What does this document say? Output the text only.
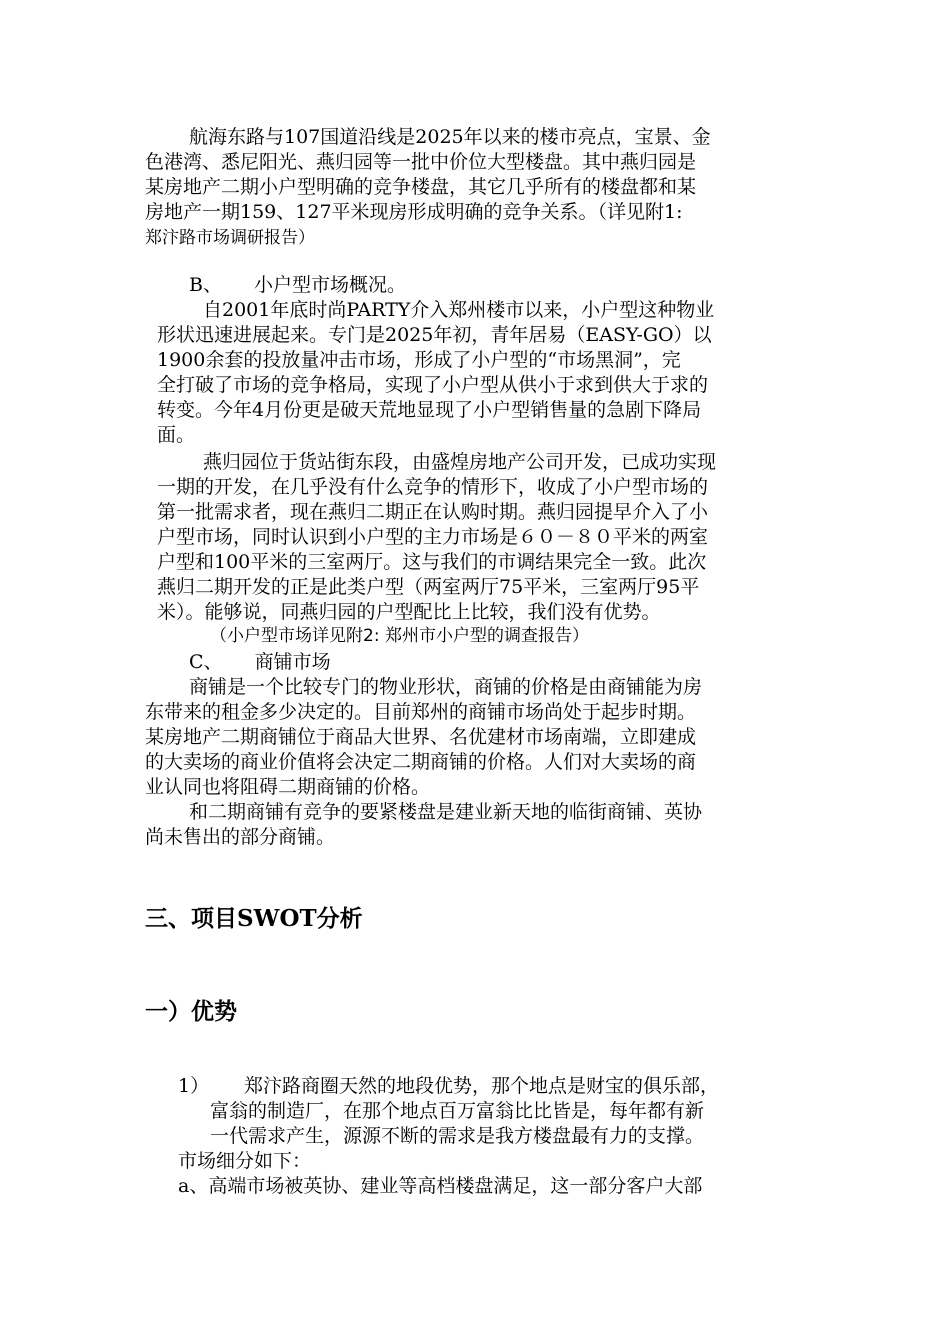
航海东路与107国道沿线是2025年以来的楼市亮点，宝景、金
色港湾、悉尼阳光、燕归园等一批中价位大型楼盘。其中燕归园是
某房地产二期小户型明确的竞争楼盘，其它几乎所有的楼盘都和某
房地产一期159、127平米现房形成明确的竞争关系。（详见附1:
郑汴路市场调研报告）
B、 小户型市场概况。
自2001年底时尚PARTY介入郑州楼市以来，小户型这种物业
形状迅速进展起来。专门是2025年初，青年居易（EASY-GO）以
1900余套的投放量冲击市场，形成了小户型的“市场黑洞”，完
全打破了市场的竞争格局，实现了小户型从供小于求到供大于求的
转变。今年4月份更是破天荒地显现了小户型销售量的急剧下降局
面。
燕归园位于货站街东段，由盛煌房地产公司开发，已成功实现
一期的开发，在几乎没有什么竞争的情形下，收成了小户型市场的
第一批需求者，现在燕归二期正在认购时期。燕归园提早介入了小
户型市场，同时认识到小户型的主力市场是６０－８０平米的两室
户型和100平米的三室两厅。这与我们的市调结果完全一致。此次
燕归二期开发的正是此类户型（两室两厅75平米，三室两厅95平
米）。能够说，同燕归园的户型配比上比较，我们没有优势。
（小户型市场详见附2: 郑州市小户型的调查报告）
C、 商铺市场
商铺是一个比较专门的物业形状，商铺的价格是由商铺能为房
东带来的租金多少决定的。目前郑州的商铺市场尚处于起步时期。
某房地产二期商铺位于商品大世界、名优建材市场南端，立即建成
的大卖场的商业价值将会决定二期商铺的价格。人们对大卖场的商
业认同也将阻碍二期商铺的价格。
和二期商铺有竞争的要紧楼盘是建业新天地的临街商铺、英协
尚未售出的部分商铺。
三、项目SWOT分析
一）优势
1）	郑汴路商圈天然的地段优势，那个地点是财宝的俱乐部，
富翁的制造厂，在那个地点百万富翁比比皆是，每年都有新
一代需求产生，源源不断的需求是我方楼盘最有力的支撑。
市场细分如下：
a、高端市场被英协、建业等高档楼盘满足，这一部分客户大部
